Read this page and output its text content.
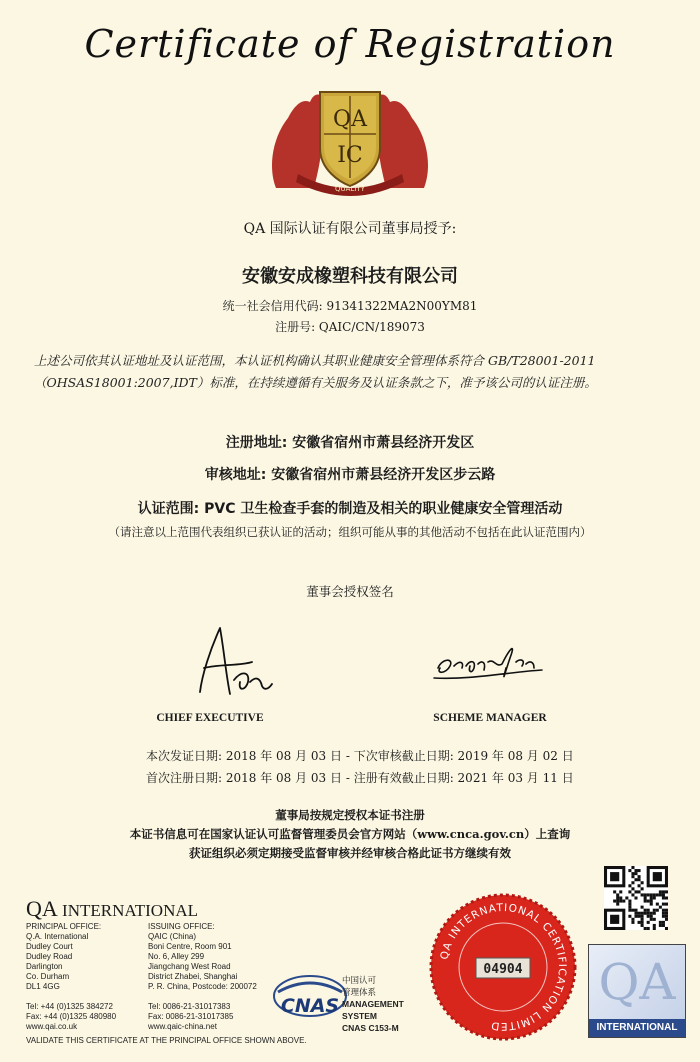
Certificate of Registration
QA
IC
QUALITY
QA 国际认证有限公司董事局授予:
安徽安成橡塑科技有限公司
统一社会信用代码: 91341322MA2N00YM81
注册号: QAIC/CN/189073
上述公司依其认证地址及认证范围，本认证机构确认其职业健康安全管理体系符合 GB/T28001-2011
（OHSAS18001:2007,IDT）标准，在持续遵循有关服务及认证条款之下，准予该公司的认证注册。
注册地址: 安徽省宿州市萧县经济开发区
审核地址: 安徽省宿州市萧县经济开发区步云路
认证范围: PVC 卫生检查手套的制造及相关的职业健康安全管理活动
（请注意以上范围代表组织已获认证的活动；组织可能从事的其他活动不包括在此认证范围内）
董事会授权签名
CHIEF EXECUTIVE	SCHEME MANAGER
本次发证日期: 2018 年 08 月 03 日 - 下次审核截止日期: 2019 年 08 月 02 日
首次注册日期: 2018 年 08 月 03 日 - 注册有效截止日期: 2021 年 03 月 11 日
董事局按规定授权本证书注册
本证书信息可在国家认证认可监督管理委员会官方网站（www.cnca.gov.cn）上查询
获证组织必须定期接受监督审核并经审核合格此证书方继续有效
QA INTERNATIONAL
PRINCIPAL OFFICE:
Q.A. International
Dudley Court
Dudley Road
Darlington
Co. Durham
DL1 4GG
Tel: +44 (0)1325 384272
Fax: +44 (0)1325 480980
www.qai.co.uk
ISSUING OFFICE:
QAIC (China)
Boni Centre, Room 901
No. 6, Alley 299
Jiangchang West Road
District Zhabei, Shanghai
P. R. China, Postcode: 200072
Tel: 0086-21-31017383
Fax: 0086-21-31017385
www.qaic-china.net
VALIDATE THIS CERTIFICATE AT THE PRINCIPAL OFFICE SHOWN ABOVE.
CNAS
中国认可
管理体系
MANAGEMENT SYSTEM
CNAS C153-M
QA INTERNATIONAL CERTIFICATION LIMITED
04904 QA
INTERNATIONAL
